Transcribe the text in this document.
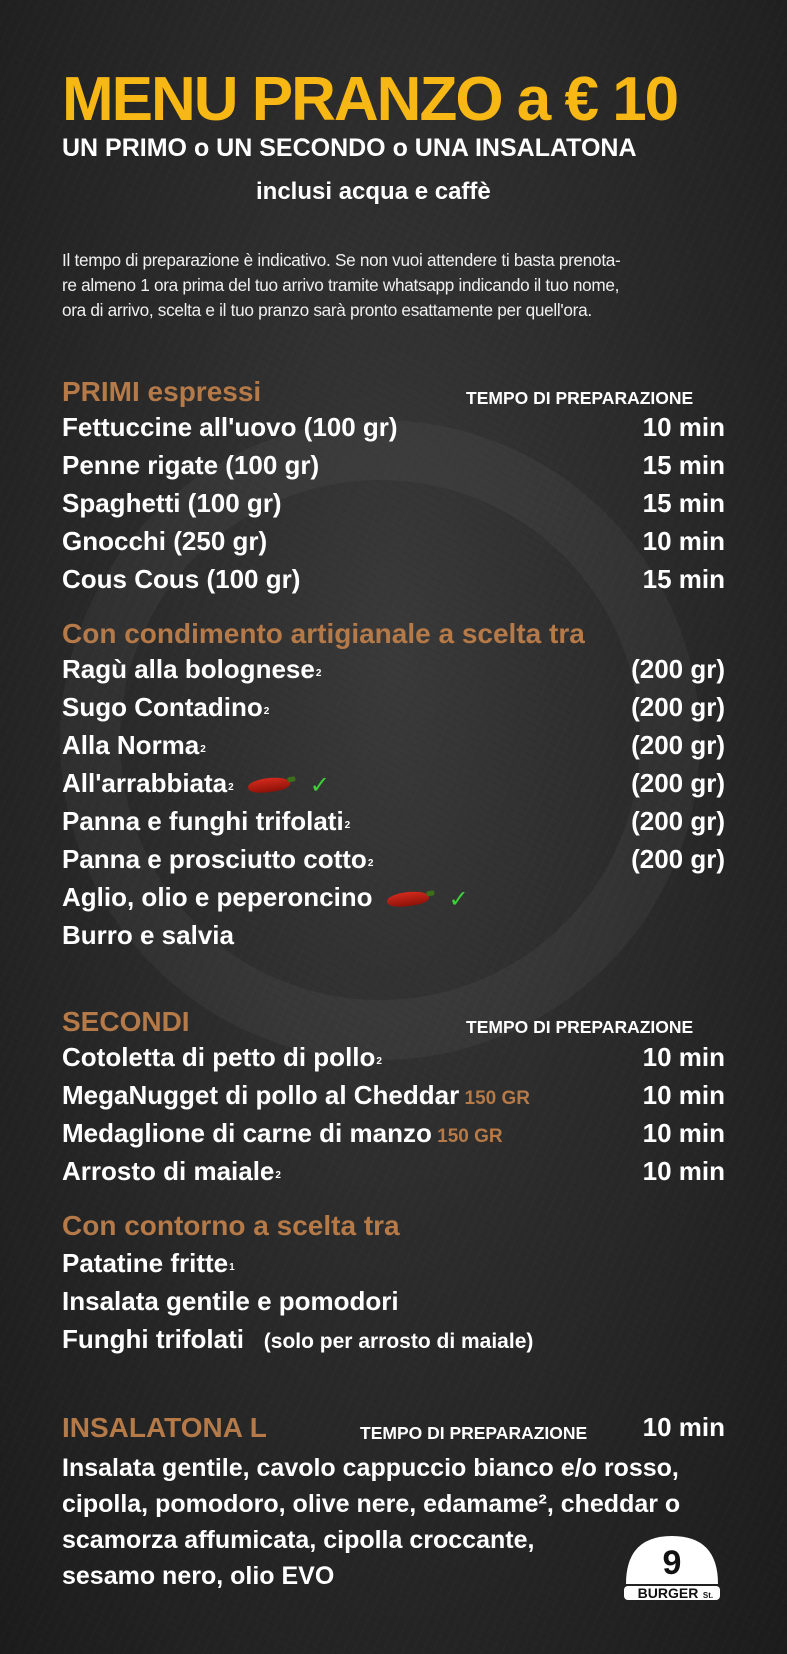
MENU PRANZO a € 10
UN PRIMO o UN SECONDO o UNA INSALATONA
inclusi acqua e caffè
Il tempo di preparazione è indicativo. Se non vuoi attendere ti basta prenota-
re almeno 1 ora prima del tuo arrivo tramite whatsapp indicando il tuo nome,
ora di arrivo, scelta e il tuo pranzo sarà pronto esattamente per quell'ora.
PRIMI espressi	TEMPO DI PREPARAZIONE
Fettuccine all'uovo (100 gr)	10 min
Penne rigate (100 gr)	15 min
Spaghetti (100 gr)	15 min
Gnocchi (250 gr)	10 min
Cous Cous (100 gr)	15 min
Con condimento artigianale a scelta tra
Ragù alla bolognese$^2$	(200 gr)
Sugo Contadino$^2$	(200 gr)
Alla Norma$^2$	(200 gr)
All'arrabbiata$^2$	✓	(200 gr)
Panna e funghi trifolati$^2$	(200 gr)
Panna e prosciutto cotto$^2$	(200 gr)
Aglio, olio e peperoncino	✓
Burro e salvia
SECONDI	TEMPO DI PREPARAZIONE
Cotoletta di petto di pollo$^2$	10 min
MegaNugget di pollo al Cheddar 150 GR	10 min
Medaglione di carne di manzo 150 GR	10 min
Arrosto di maiale$^2$	10 min
Con contorno a scelta tra
Patatine fritte$^1$
Insalata gentile e pomodori
Funghi trifolati (solo per arrosto di maiale)
INSALATONA L	TEMPO DI PREPARAZIONE 10 min
Insalata gentile, cavolo cappuccio bianco e/o rosso,
cipolla, pomodoro, olive nere, edamame², cheddar o
scamorza affumicata, cipolla croccante,
sesamo nero, olio EVO	9
BURGER St.
